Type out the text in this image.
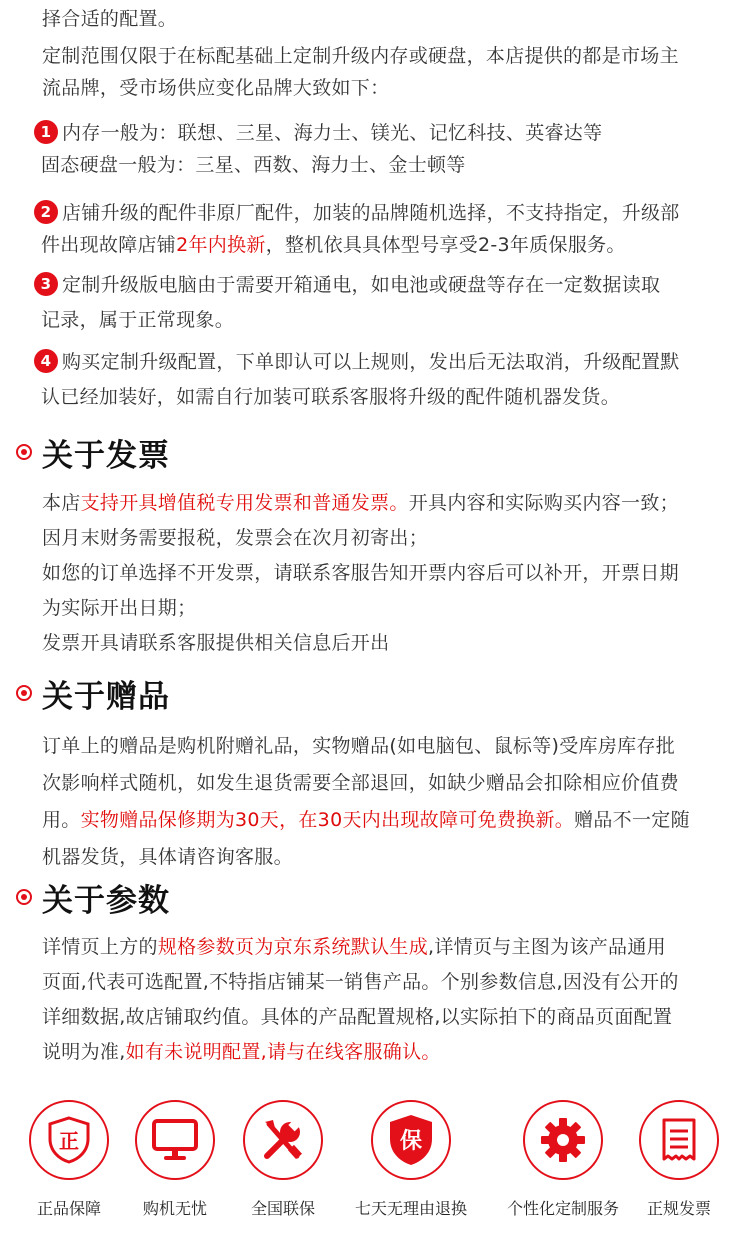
择合适的配置。
定制范围仅限于在标配基础上定制升级内存或硬盘，本店提供的都是市场主
流品牌，受市场供应变化品牌大致如下：
1 内存一般为：联想、三星、海力士、镁光、记忆科技、英睿达等
固态硬盘一般为：三星、西数、海力士、金士顿等
2 店铺升级的配件非原厂配件，加装的品牌随机选择，不支持指定，升级部
件出现故障店铺2年内换新，整机依具具体型号享受2-3年质保服务。
3 定制升级版电脑由于需要开箱通电，如电池或硬盘等存在一定数据读取
记录，属于正常现象。
4 购买定制升级配置，下单即认可以上规则，发出后无法取消，升级配置默
认已经加装好，如需自行加装可联系客服将升级的配件随机器发货。
关于发票
本店支持开具增值税专用发票和普通发票。开具内容和实际购买内容一致；
因月末财务需要报税，发票会在次月初寄出；
如您的订单选择不开发票，请联系客服告知开票内容后可以补开，开票日期
为实际开出日期；
发票开具请联系客服提供相关信息后开出
关于赠品
订单上的赠品是购机附赠礼品，实物赠品(如电脑包、鼠标等)受库房库存批
次影响样式随机，如发生退货需要全部退回，如缺少赠品会扣除相应价值费
用。实物赠品保修期为30天，在30天内出现故障可免费换新。赠品不一定随
机器发货，具体请咨询客服。
关于参数
详情页上方的规格参数页为京东系统默认生成,详情页与主图为该产品通用
页面,代表可选配置,不特指店铺某一销售产品。个别参数信息,因没有公开的
详细数据,故店铺取约值。具体的产品配置规格,以实际拍下的商品页面配置
说明为准,如有未说明配置,请与在线客服确认。
正
正品保障	购机无忧	全国联保
保
七天无理由退换	个性化定制服务	正规发票
